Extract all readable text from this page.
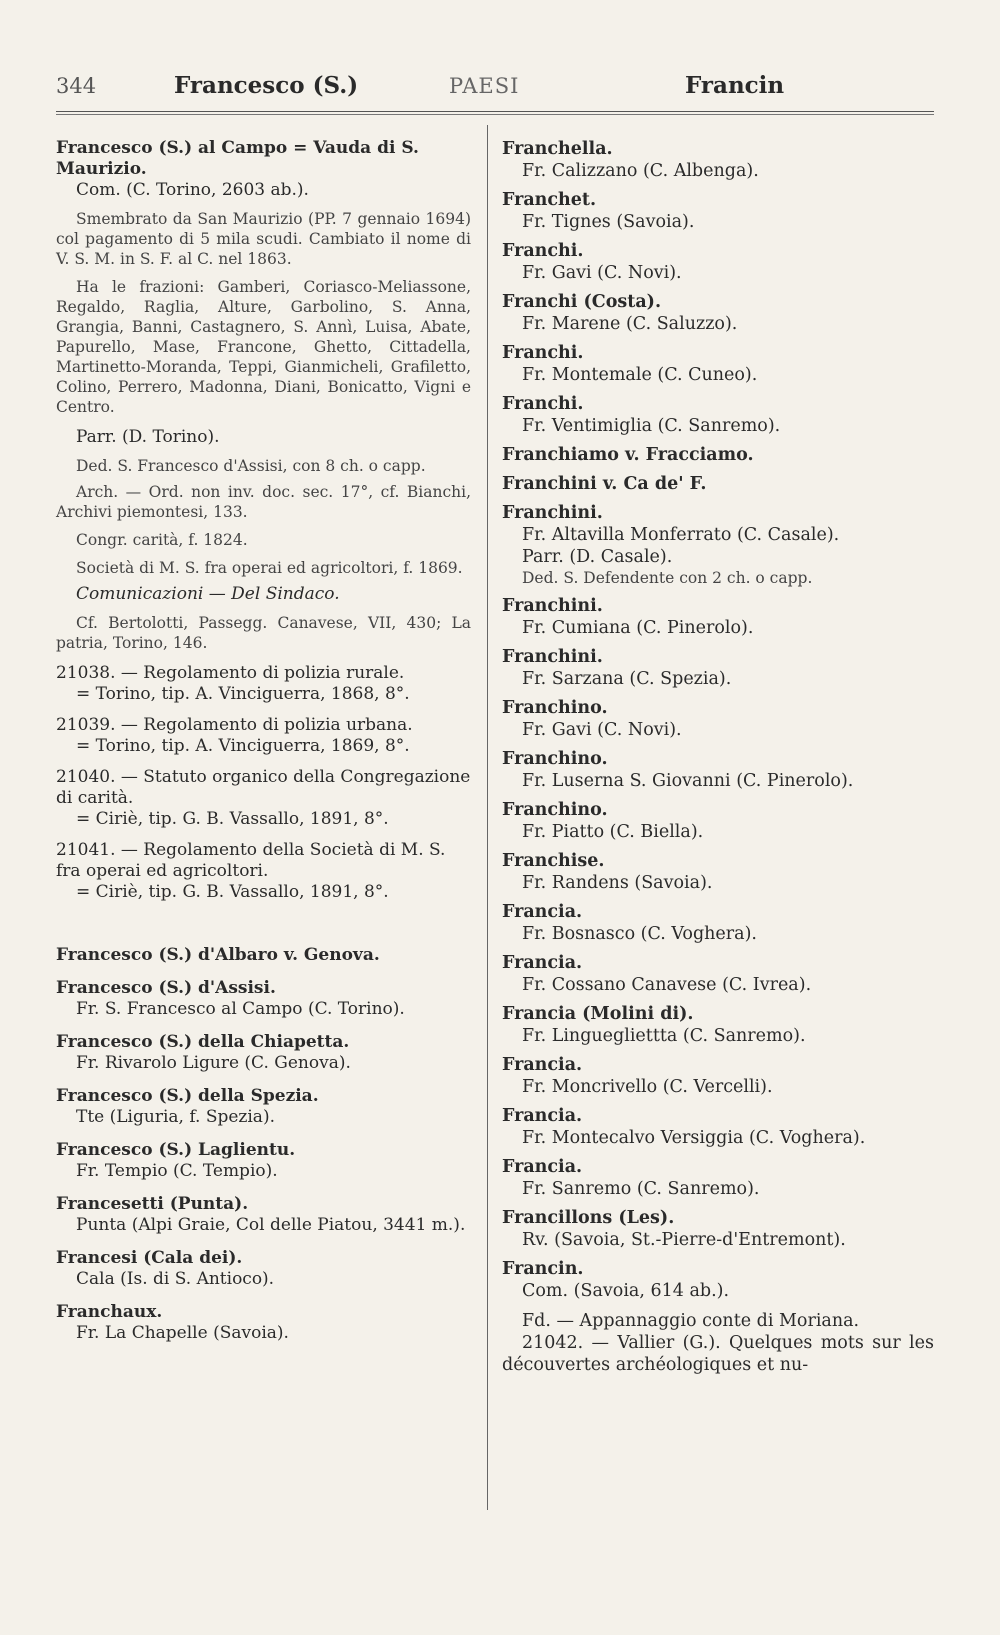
344	Francesco (S.)	PAESI	Francin
Francesco (S.) al Campo = Vauda di S. Maurizio.
Com. (C. Torino, 2603 ab.).
Smembrato da San Maurizio (PP. 7 gennaio 1694) col pagamento di 5 mila scudi. Cambiato il nome di V. S. M. in S. F. al C. nel 1863.
Ha le frazioni: Gamberi, Coriasco-Meliassone, Regaldo, Raglia, Alture, Garbolino, S. Anna, Grangia, Banni, Castagnero, S. Annì, Luisa, Abate, Papurello, Mase, Francone, Ghetto, Cittadella, Martinetto-Moranda, Teppi, Gianmicheli, Grafiletto, Colino, Perrero, Madonna, Diani, Bonicatto, Vigni e Centro.
Parr. (D. Torino).
Ded. S. Francesco d'Assisi, con 8 ch. o capp.
Arch. — Ord. non inv. doc. sec. 17°, cf. Bianchi, Archivi piemontesi, 133.
Congr. carità, f. 1824.
Società di M. S. fra operai ed agricoltori, f. 1869.
Comunicazioni — Del Sindaco.
Cf. Bertolotti, Passegg. Canavese, VII, 430; La patria, Torino, 146.
21038. — Regolamento di polizia rurale.
= Torino, tip. A. Vinciguerra, 1868, 8°.
21039. — Regolamento di polizia urbana.
= Torino, tip. A. Vinciguerra, 1869, 8°.
21040. — Statuto organico della Congregazione di carità.
= Ciriè, tip. G. B. Vassallo, 1891, 8°.
21041. — Regolamento della Società di M. S. fra operai ed agricoltori.
= Ciriè, tip. G. B. Vassallo, 1891, 8°.
Francesco (S.) d'Albaro v. Genova.
Francesco (S.) d'Assisi.
Fr. S. Francesco al Campo (C. Torino).
Francesco (S.) della Chiapetta.
Fr. Rivarolo Ligure (C. Genova).
Francesco (S.) della Spezia.
Tte (Liguria, f. Spezia).
Francesco (S.) Laglientu.
Fr. Tempio (C. Tempio).
Francesetti (Punta).
Punta (Alpi Graie, Col delle Piatou, 3441 m.).
Francesi (Cala dei).
Cala (Is. di S. Antioco).
Franchaux.
Fr. La Chapelle (Savoia).
Franchella.
Fr. Calizzano (C. Albenga).
Franchet.
Fr. Tignes (Savoia).
Franchi.
Fr. Gavi (C. Novi).
Franchi (Costa).
Fr. Marene (C. Saluzzo).
Franchi.
Fr. Montemale (C. Cuneo).
Franchi.
Fr. Ventimiglia (C. Sanremo).
Franchiamo v. Fracciamo.
Franchini v. Ca de' F.
Franchini.
Fr. Altavilla Monferrato (C. Casale).
Parr. (D. Casale).
Ded. S. Defendente con 2 ch. o capp.
Franchini.
Fr. Cumiana (C. Pinerolo).
Franchini.
Fr. Sarzana (C. Spezia).
Franchino.
Fr. Gavi (C. Novi).
Franchino.
Fr. Luserna S. Giovanni (C. Pinerolo).
Franchino.
Fr. Piatto (C. Biella).
Franchise.
Fr. Randens (Savoia).
Francia.
Fr. Bosnasco (C. Voghera).
Francia.
Fr. Cossano Canavese (C. Ivrea).
Francia (Molini di).
Fr. Linguegliettta (C. Sanremo).
Francia.
Fr. Moncrivello (C. Vercelli).
Francia.
Fr. Montecalvo Versiggia (C. Voghera).
Francia.
Fr. Sanremo (C. Sanremo).
Francillons (Les).
Rv. (Savoia, St.-Pierre-d'Entremont).
Francin.
Com. (Savoia, 614 ab.).
Fd. — Appannaggio conte di Moriana.
21042. — Vallier (G.). Quelques mots sur les découvertes archéologiques et nu-
